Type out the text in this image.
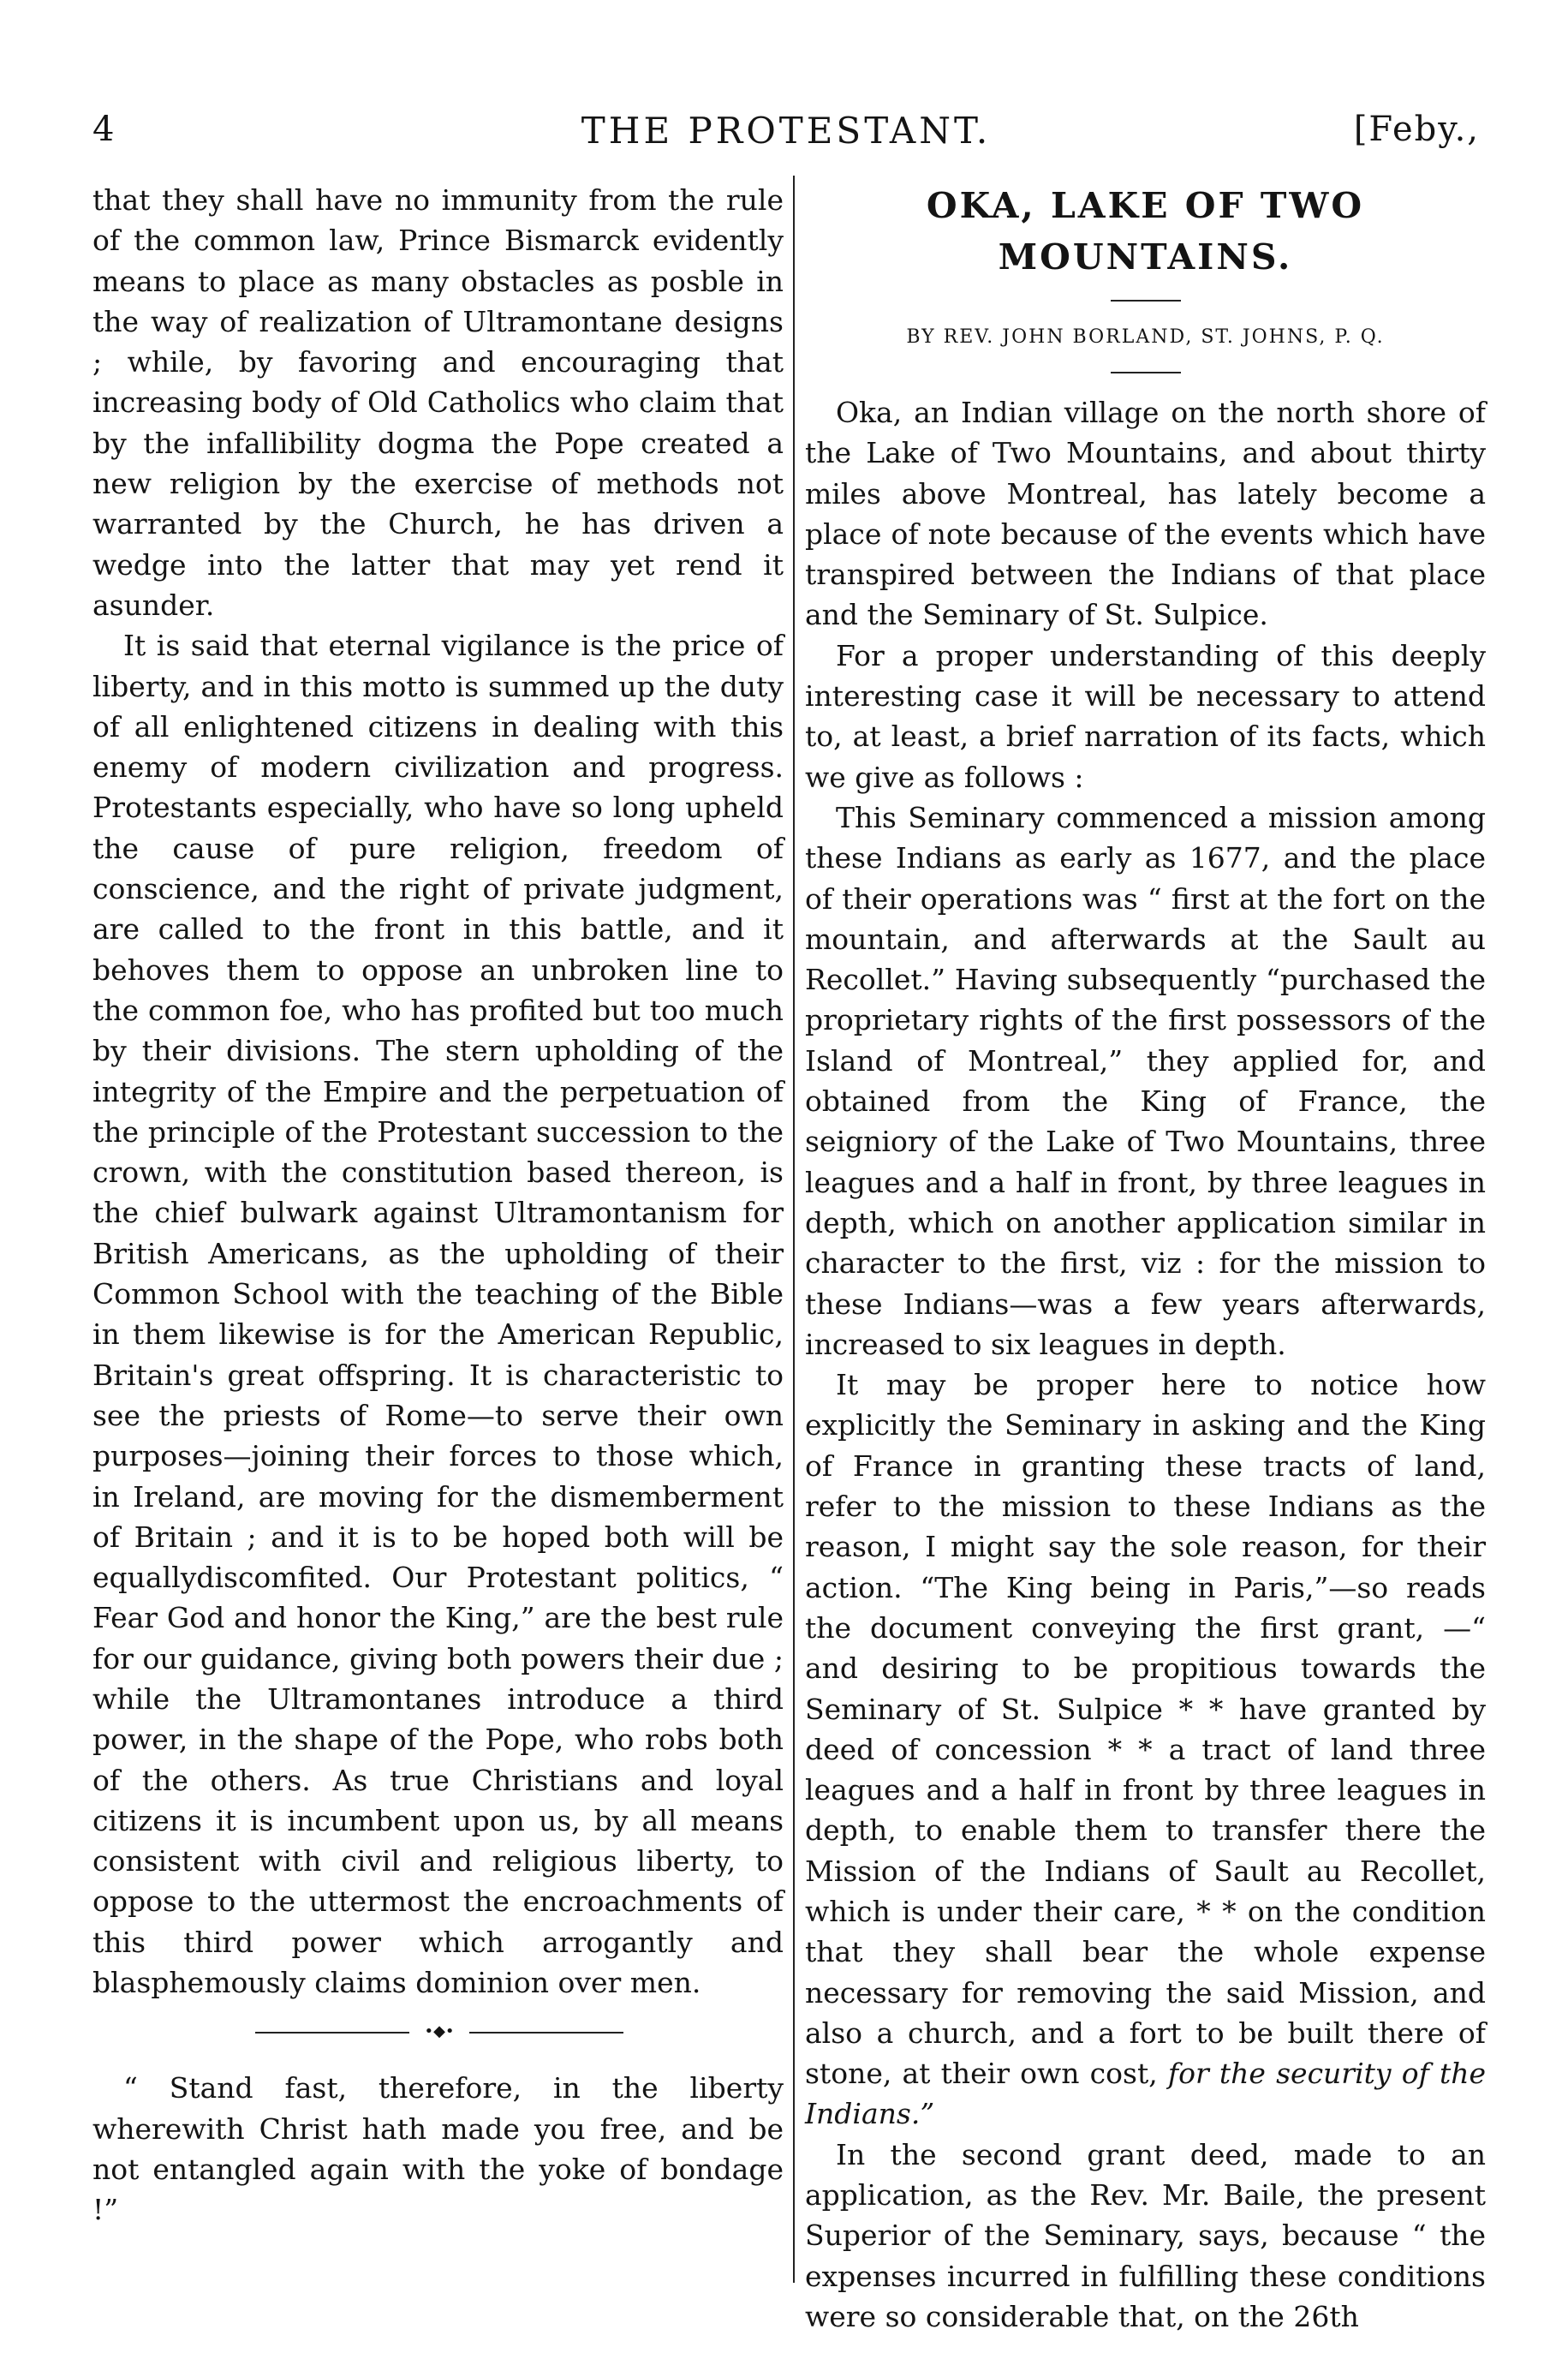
4	THE PROTESTANT.	[Feby.,

that they shall have no immunity from the rule of the common law, Prince Bismarck evidently means to place as many obstacles as posble in the way of realization of Ultramontane designs ; while, by favoring and encouraging that increasing body of Old Catholics who claim that by the infallibility dogma the Pope created a new religion by the exercise of methods not warranted by the Church, he has driven a wedge into the latter that may yet rend it asunder.

It is said that eternal vigilance is the price of liberty, and in this motto is summed up the duty of all enlightened citizens in dealing with this enemy of modern civilization and progress. Protestants especially, who have so long upheld the cause of pure religion, freedom of conscience, and the right of private judgment, are called to the front in this battle, and it behoves them to oppose an unbroken line to the common foe, who has profited but too much by their divisions. The stern upholding of the integrity of the Empire and the perpetuation of the principle of the Protestant succession to the crown, with the constitution based thereon, is the chief bulwark against Ultramontanism for British Americans, as the upholding of their Common School with the teaching of the Bible in them likewise is for the American Republic, Britain's great offspring. It is characteristic to see the priests of Rome—to serve their own purposes—joining their forces to those which, in Ireland, are moving for the dismemberment of Britain ; and it is to be hoped both will be equallydiscomfited. Our Protestant politics, “ Fear God and honor the King,” are the best rule for our guidance, giving both powers their due ; while the Ultramontanes introduce a third power, in the shape of the Pope, who robs both of the others. As true Christians and loyal citizens it is incumbent upon us, by all means consistent with civil and religious liberty, to oppose to the uttermost the encroachments of this third power which arrogantly and blasphemously claims dominion over men.

•◆•

“ Stand fast, therefore, in the liberty wherewith Christ hath made you free, and be not entangled again with the yoke of bondage !”

OKA, LAKE OF TWO MOUNTAINS.
BY REV. JOHN BORLAND, ST. JOHNS, P. Q.

Oka, an Indian village on the north shore of the Lake of Two Mountains, and about thirty miles above Montreal, has lately become a place of note because of the events which have transpired between the Indians of that place and the Seminary of St. Sulpice.

For a proper understanding of this deeply interesting case it will be necessary to attend to, at least, a brief narration of its facts, which we give as follows :

This Seminary commenced a mission among these Indians as early as 1677, and the place of their operations was “ first at the fort on the mountain, and afterwards at the Sault au Recollet.” Having subsequently “purchased the proprietary rights of the first possessors of the Island of Montreal,” they applied for, and obtained from the King of France, the seigniory of the Lake of Two Mountains, three leagues and a half in front, by three leagues in depth, which on another application similar in character to the first, viz : for the mission to these Indians—was a few years afterwards, increased to six leagues in depth.

It may be proper here to notice how explicitly the Seminary in asking and the King of France in granting these tracts of land, refer to the mission to these Indians as the reason, I might say the sole reason, for their action. “The King being in Paris,”—so reads the document conveying the first grant, —“ and desiring to be propitious towards the Seminary of St. Sulpice * * have granted by deed of concession * * a tract of land three leagues and a half in front by three leagues in depth, to enable them to transfer there the Mission of the Indians of Sault au Recollet, which is under their care, * * on the condition that they shall bear the whole expense necessary for removing the said Mission, and also a church, and a fort to be built there of stone, at their own cost, for the security of the Indians.”

In the second grant deed, made to an application, as the Rev. Mr. Baile, the present Superior of the Seminary, says, because “ the expenses incurred in fulfilling these conditions were so considerable that, on the 26th
